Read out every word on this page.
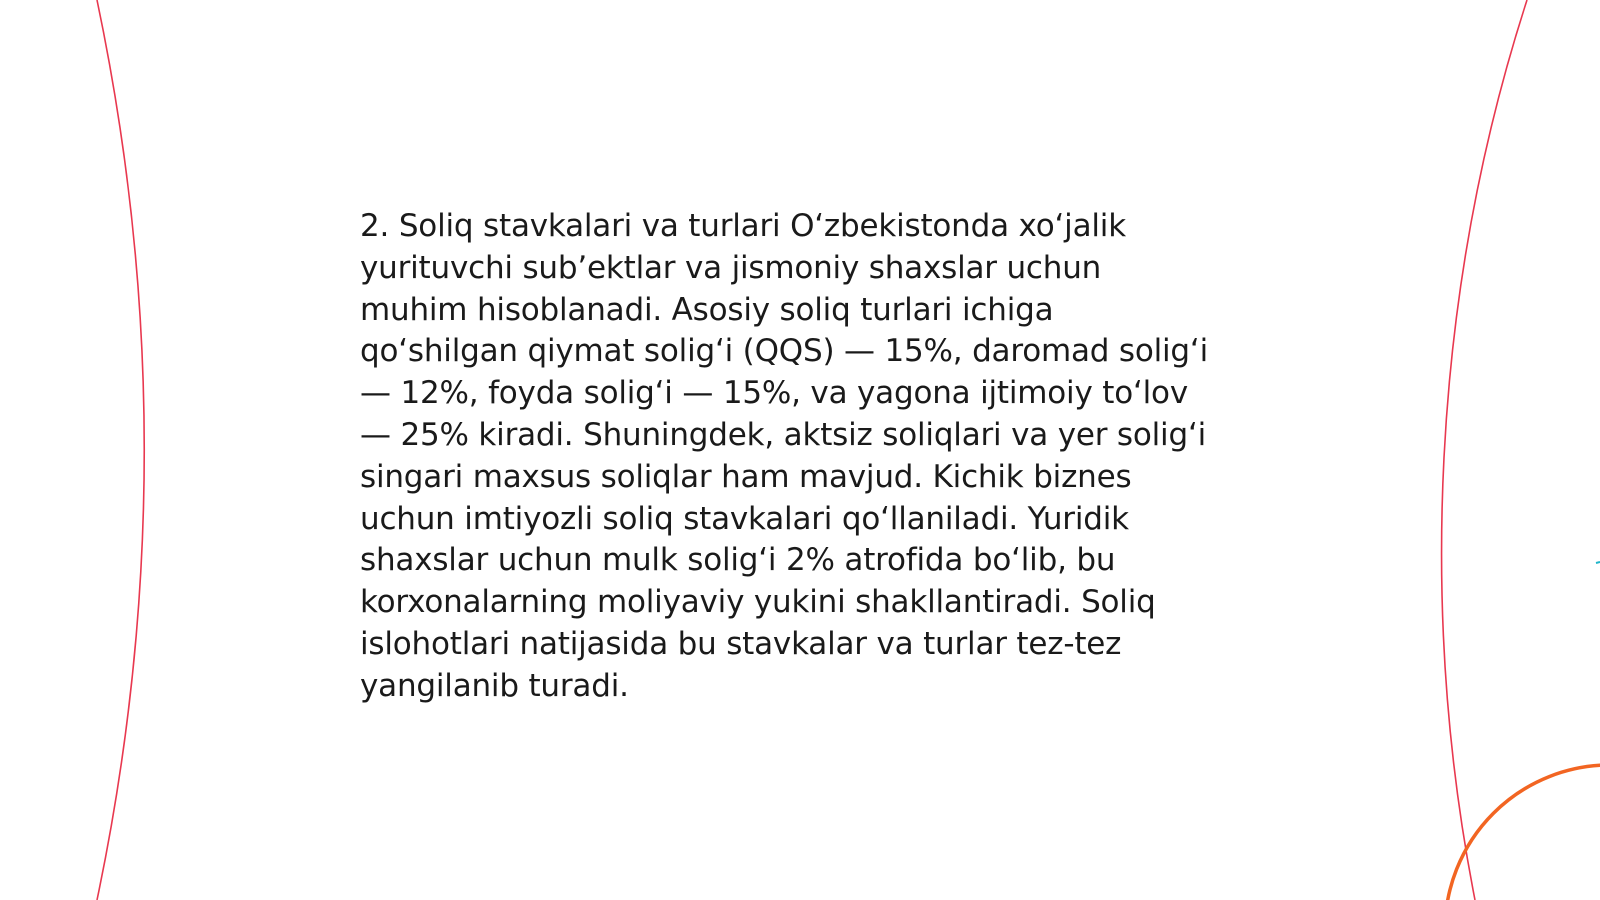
2. Soliq stavkalari va turlari O‘zbekistonda xo‘jalik
yurituvchi sub’ektlar va jismoniy shaxslar uchun
muhim hisoblanadi. Asosiy soliq turlari ichiga
qo‘shilgan qiymat solig‘i (QQS) — 15%, daromad solig‘i
— 12%, foyda solig‘i — 15%, va yagona ijtimoiy to‘lov
— 25% kiradi. Shuningdek, aktsiz soliqlari va yer solig‘i
singari maxsus soliqlar ham mavjud. Kichik biznes
uchun imtiyozli soliq stavkalari qo‘llaniladi. Yuridik
shaxslar uchun mulk solig‘i 2% atrofida bo‘lib, bu
korxonalarning moliyaviy yukini shakllantiradi. Soliq
islohotlari natijasida bu stavkalar va turlar tez-tez
yangilanib turadi.
